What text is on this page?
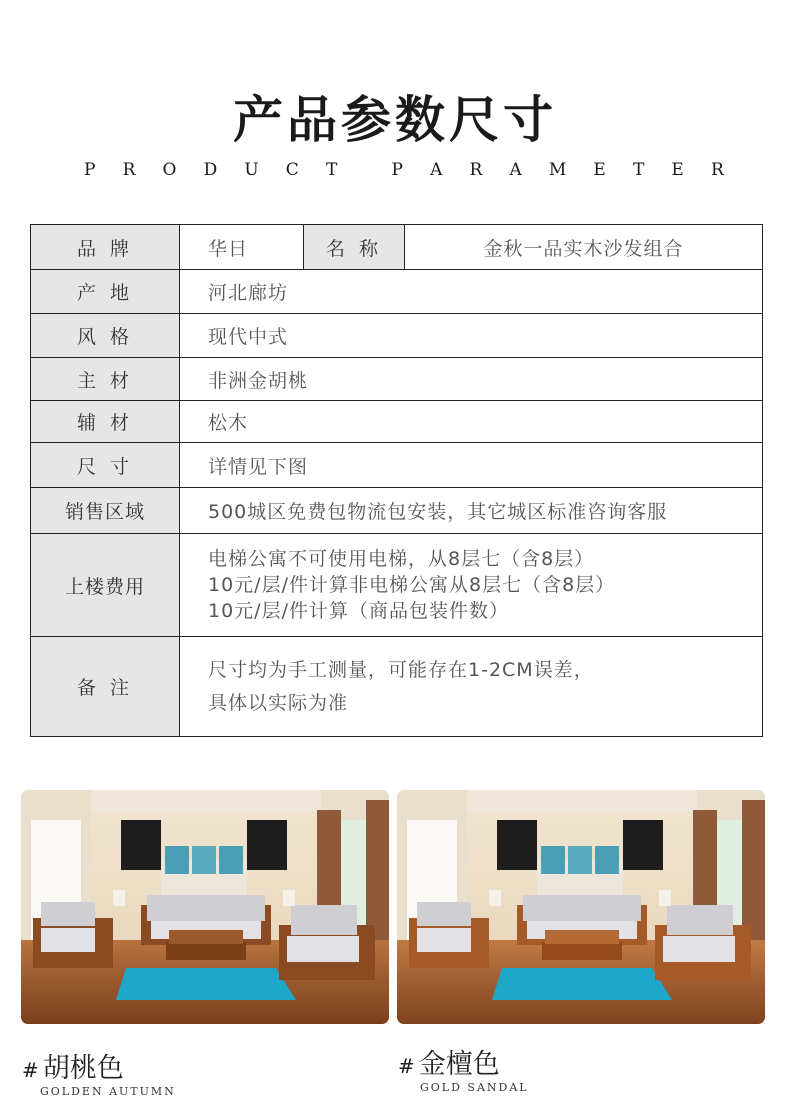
产品参数尺寸
P R O D U C T	P A R A M E T E R
品 牌	华日	名 称	金秋一品实木沙发组合
产 地	河北廊坊		
风 格	现代中式		
主 材	非洲金胡桃		
辅 材	松木		
尺 寸	详情见下图		
销售区域	500城区免费包物流包安装，其它城区标准咨询客服		
上楼费用	电梯公寓不可使用电梯，从8层七（含8层）
10元/层/件计算非电梯公寓从8层七（含8层）
10元/层/件计算（商品包装件数）		

备 注	尺寸均为手工测量，可能存在1-2CM误差，
具体以实际为准		
# 胡桃色
GOLDEN AUTUMN
# 金檀色
GOLD SANDAL
